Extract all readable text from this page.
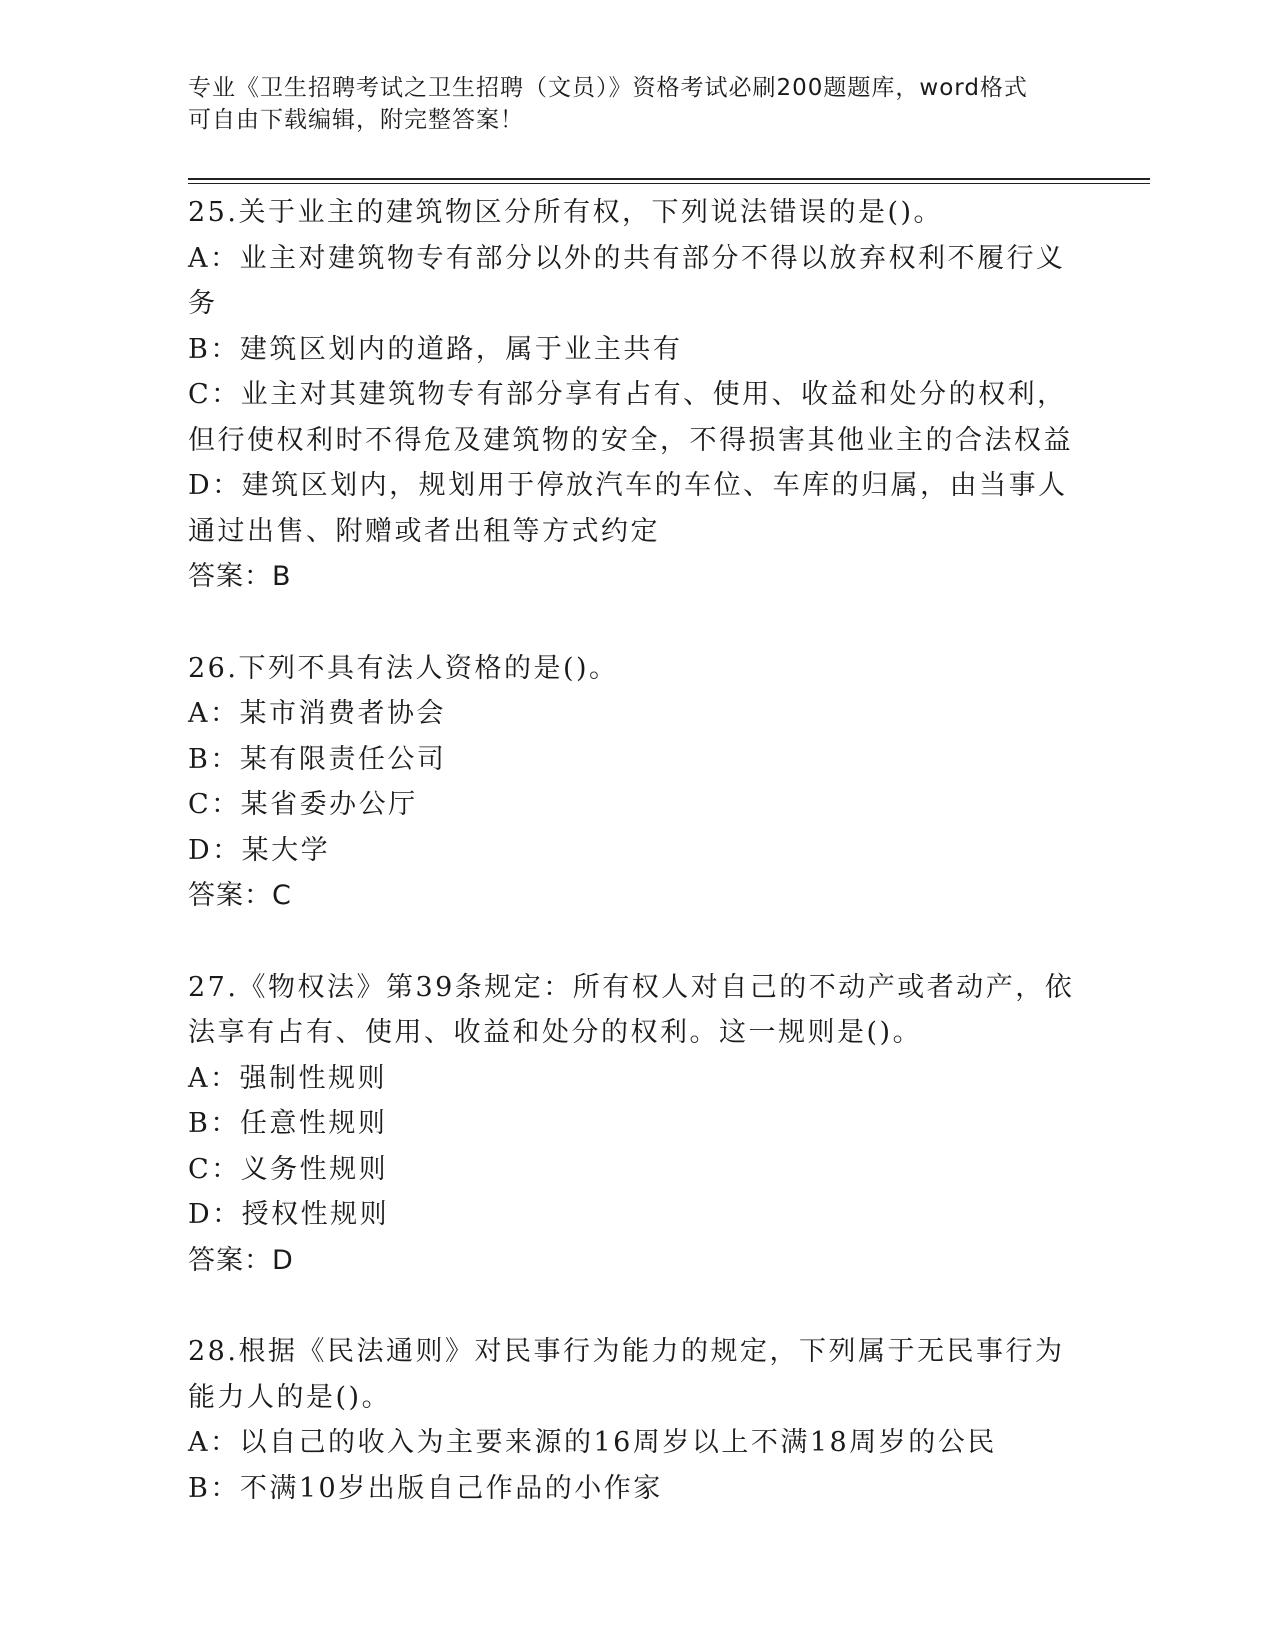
专业《卫生招聘考试之卫生招聘（文员）》资格考试必刷200题题库，word格式
可自由下载编辑，附完整答案！

25.关于业主的建筑物区分所有权，下列说法错误的是()。

A：业主对建筑物专有部分以外的共有部分不得以放弃权利不履行义务

B：建筑区划内的道路，属于业主共有

C：业主对其建筑物专有部分享有占有、使用、收益和处分的权利，但行使权利时不得危及建筑物的安全，不得损害其他业主的合法权益

D：建筑区划内，规划用于停放汽车的车位、车库的归属，由当事人通过出售、附赠或者出租等方式约定

答案：B

26.下列不具有法人资格的是()。

A：某市消费者协会

B：某有限责任公司

C：某省委办公厅

D：某大学

答案：C

27.《物权法》第39条规定：所有权人对自己的不动产或者动产，依法享有占有、使用、收益和处分的权利。这一规则是()。

A：强制性规则

B：任意性规则

C：义务性规则

D：授权性规则

答案：D

28.根据《民法通则》对民事行为能力的规定，下列属于无民事行为能力人的是()。

A：以自己的收入为主要来源的16周岁以上不满18周岁的公民

B：不满10岁出版自己作品的小作家
